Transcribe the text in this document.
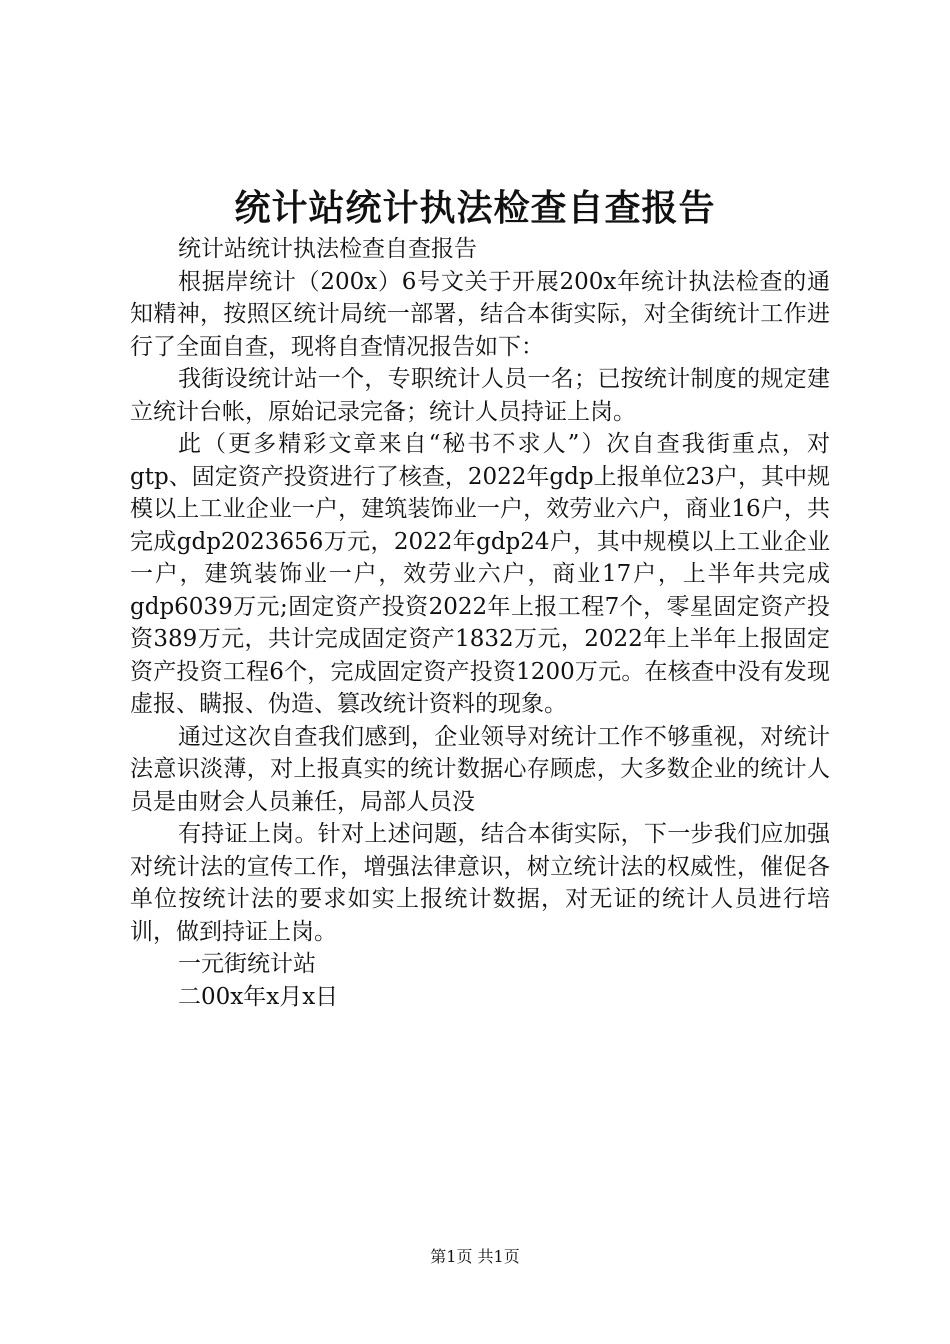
统计站统计执法检查自查报告

统计站统计执法检查自查报告

根据岸统计（200x）6号文关于开展200x年统计执法检查的通知精神，按照区统计局统一部署，结合本街实际，对全街统计工作进行了全面自查，现将自查情况报告如下：

我街设统计站一个，专职统计人员一名；已按统计制度的规定建立统计台帐，原始记录完备；统计人员持证上岗。

此（更多精彩文章来自“秘书不求人”）次自查我街重点，对gtp、固定资产投资进行了核查，2022年gdp上报单位23户，其中规模以上工业企业一户，建筑装饰业一户，效劳业六户，商业16户，共完成gdp2023656万元，2022年gdp24户，其中规模以上工业企业一户，建筑装饰业一户，效劳业六户，商业17户，上半年共完成gdp6039万元;固定资产投资2022年上报工程7个，零星固定资产投资389万元，共计完成固定资产1832万元，2022年上半年上报固定资产投资工程6个，完成固定资产投资1200万元。在核查中没有发现虚报、瞒报、伪造、篡改统计资料的现象。

通过这次自查我们感到，企业领导对统计工作不够重视，对统计法意识淡薄，对上报真实的统计数据心存顾虑，大多数企业的统计人员是由财会人员兼任，局部人员没

有持证上岗。针对上述问题，结合本街实际，下一步我们应加强对统计法的宣传工作，增强法律意识，树立统计法的权威性，催促各单位按统计法的要求如实上报统计数据，对无证的统计人员进行培训，做到持证上岗。

一元街统计站

二00x年x月x日

第1页 共1页
